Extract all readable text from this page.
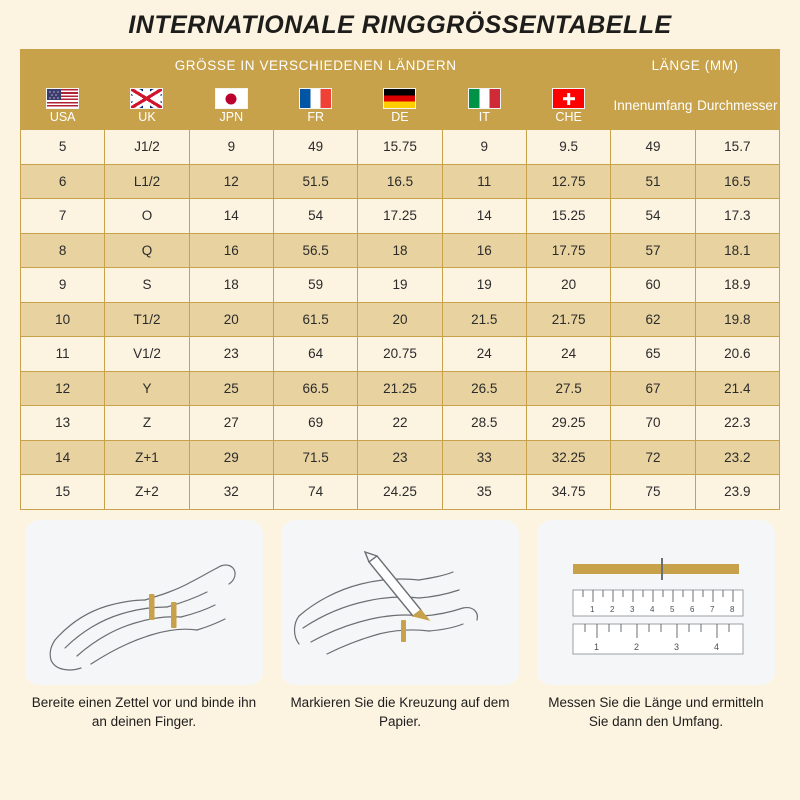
INTERNATIONALE RINGGRÖSSENTABELLE
GRÖSSE IN VERSCHIEDENEN LÄNDERN							LÄNGE (MM)	

USA	UK	JPN	FR	DE	IT	CHE	Innenumfang	Durchmesser
5	J1/2	9	49	15.75	9	9.5	49	15.7
6	L1/2	12	51.5	16.5	11	12.75	51	16.5
7	O	14	54	17.25	14	15.25	54	17.3
8	Q	16	56.5	18	16	17.75	57	18.1
9	S	18	59	19	19	20	60	18.9
10	T1/2	20	61.5	20	21.5	21.75	62	19.8
11	V1/2	23	64	20.75	24	24	65	20.6
12	Y	25	66.5	21.25	26.5	27.5	67	21.4
13	Z	27	69	22	28.5	29.25	70	22.3
14	Z+1	29	71.5	23	33	32.25	72	23.2
15	Z+2	32	74	24.25	35	34.75	75	23.9
Bereite einen Zettel vor und binde ihn an deinen Finger.
Markieren Sie die Kreuzung auf dem Papier.
1 2 3 4 5 6 7 8
1	2	3	4
Messen Sie die Länge und ermitteln Sie dann den Umfang.
